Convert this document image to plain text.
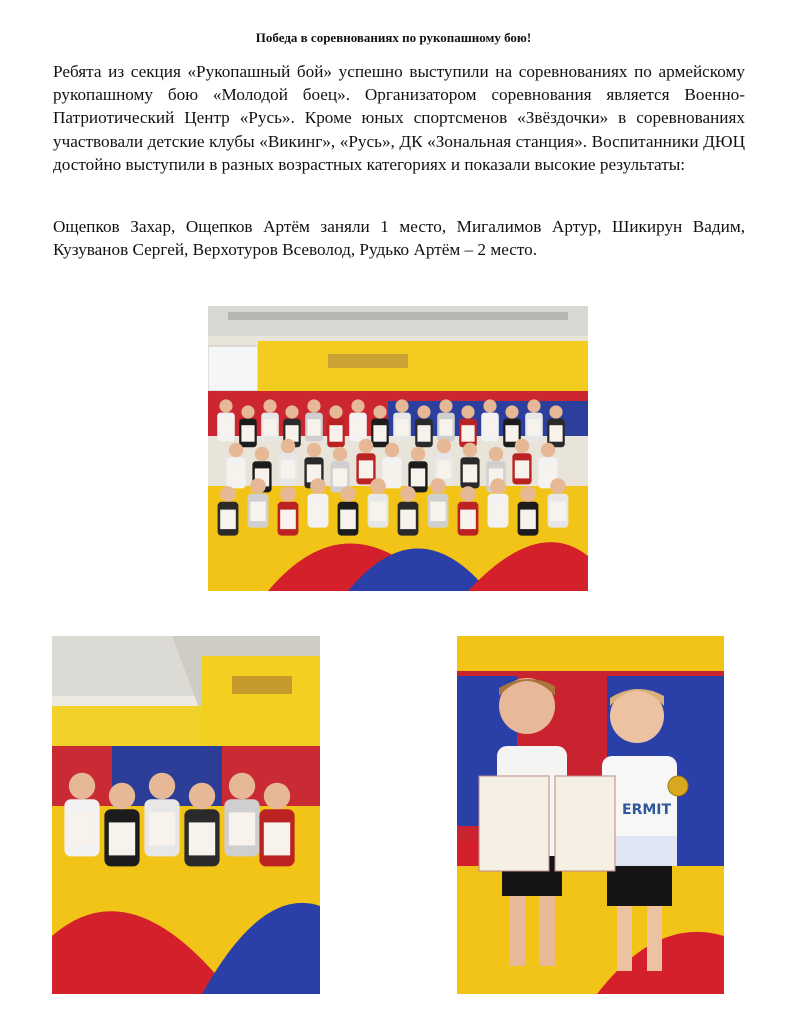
Победа в соревнованиях по рукопашному бою!

Ребята из секция «Рукопашный бой» успешно выступили на соревнованиях по армейскому рукопашному бою «Молодой боец». Организатором соревнования является Военно-Патриотический Центр «Русь». Кроме юных спортсменов «Звёздочки» в соревнованиях участвовали детские клубы «Викинг», «Русь», ДК «Зональная станция». Воспитанники ДЮЦ достойно выступили в разных возрастных категориях и показали высокие результаты:

Ощепков Захар, Ощепков Артём заняли 1 место, Мигалимов Артур, Шикирун Вадим, Кузуванов Сергей, Верхотуров Всеволод, Рудько Артём – 2 место.

ERMIT
